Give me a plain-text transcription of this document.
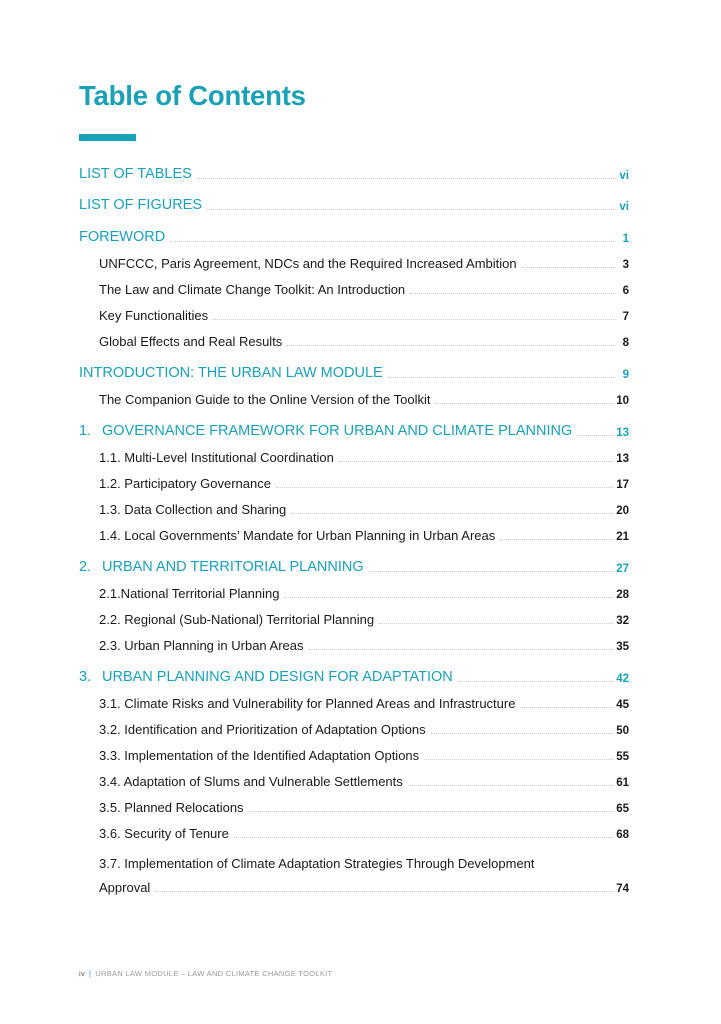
Table of Contents
LIST OF TABLES	vi
LIST OF FIGURES	vi
FOREWORD	1
UNFCCC, Paris Agreement, NDCs and the Required Increased Ambition	3
The Law and Climate Change Toolkit: An Introduction	6
Key Functionalities	7
Global Effects and Real Results	8
INTRODUCTION: THE URBAN LAW MODULE	9
The Companion Guide to the Online Version of the Toolkit	10
1. GOVERNANCE FRAMEWORK FOR URBAN AND CLIMATE PLANNING	13
1.1. Multi-Level Institutional Coordination	13
1.2. Participatory Governance	17
1.3. Data Collection and Sharing	20
1.4. Local Governments’ Mandate for Urban Planning in Urban Areas	21
2. URBAN AND TERRITORIAL PLANNING	27
2.1.National Territorial Planning	28
2.2. Regional (Sub-National) Territorial Planning	32
2.3. Urban Planning in Urban Areas	35
3. URBAN PLANNING AND DESIGN FOR ADAPTATION	42
3.1. Climate Risks and Vulnerability for Planned Areas and Infrastructure	45
3.2. Identification and Prioritization of Adaptation Options	50
3.3. Implementation of the Identified Adaptation Options	55
3.4. Adaptation of Slums and Vulnerable Settlements	61
3.5. Planned Relocations	65
3.6. Security of Tenure	68
3.7. Implementation of Climate Adaptation Strategies Through Development
Approval	74
iv | URBAN LAW MODULE – LAW AND CLIMATE CHANGE TOOLKIT
